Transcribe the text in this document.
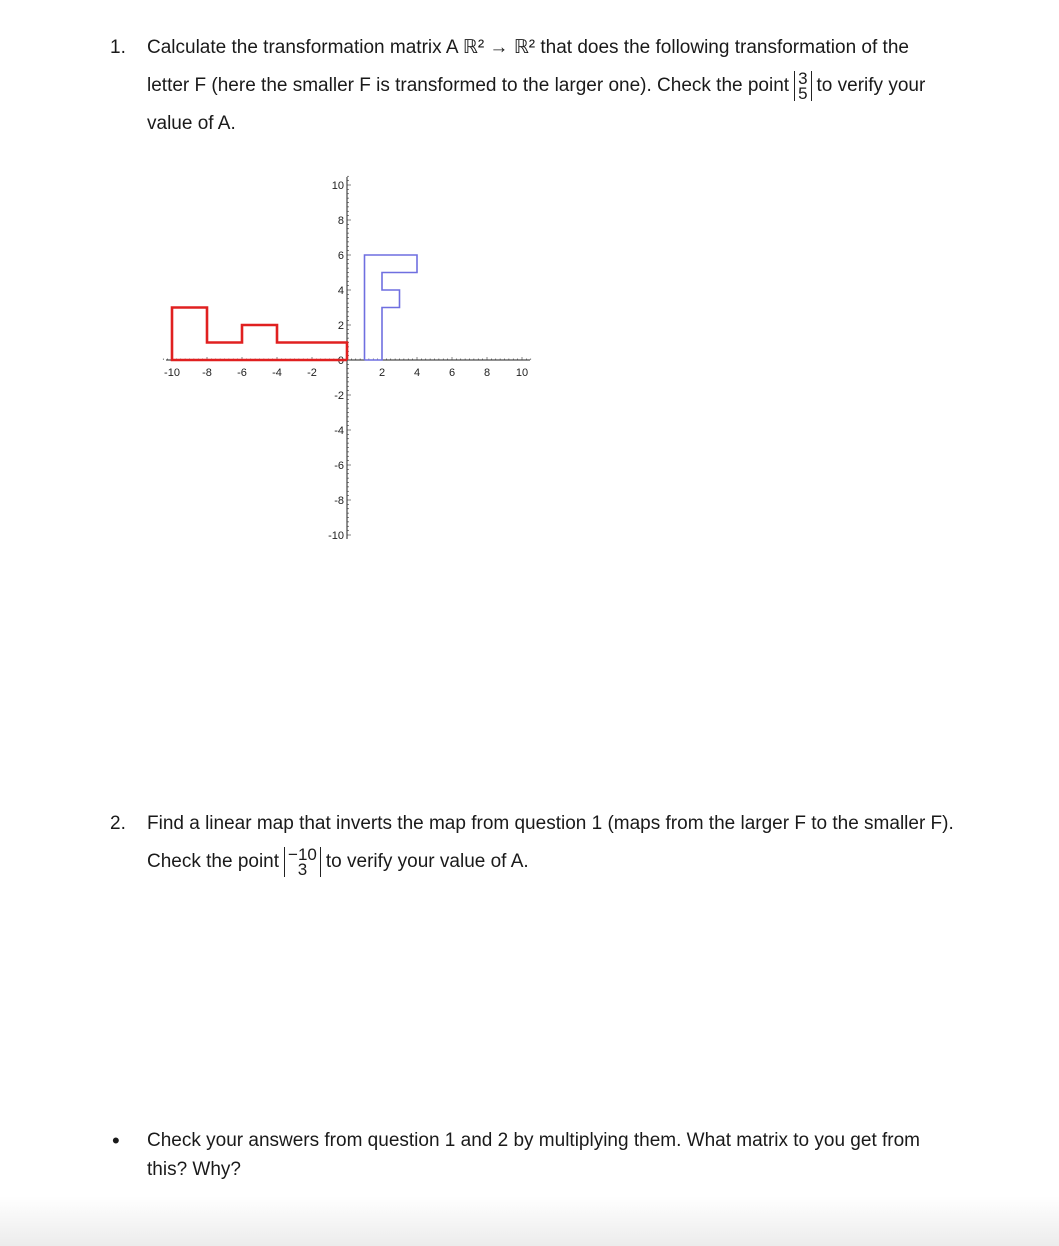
1.	Calculate the transformation matrix A ℝ² → ℝ² that does the following transformation of the
letter F (here the smaller F is transformed to the larger one). Check the point 3
5 to verify your
value of A.
-10 -8 -6 -4 -2	2	4	6	8 10
10
8
6
4
2
0
-2
-4
-6
-8
-10
2.	Find a linear map that inverts the map from question 1 (maps from the larger F to the smaller F).
Check the point −10
3 to verify your value of A.
• Check your answers from question 1 and 2 by multiplying them. What matrix to you get from
this? Why?
